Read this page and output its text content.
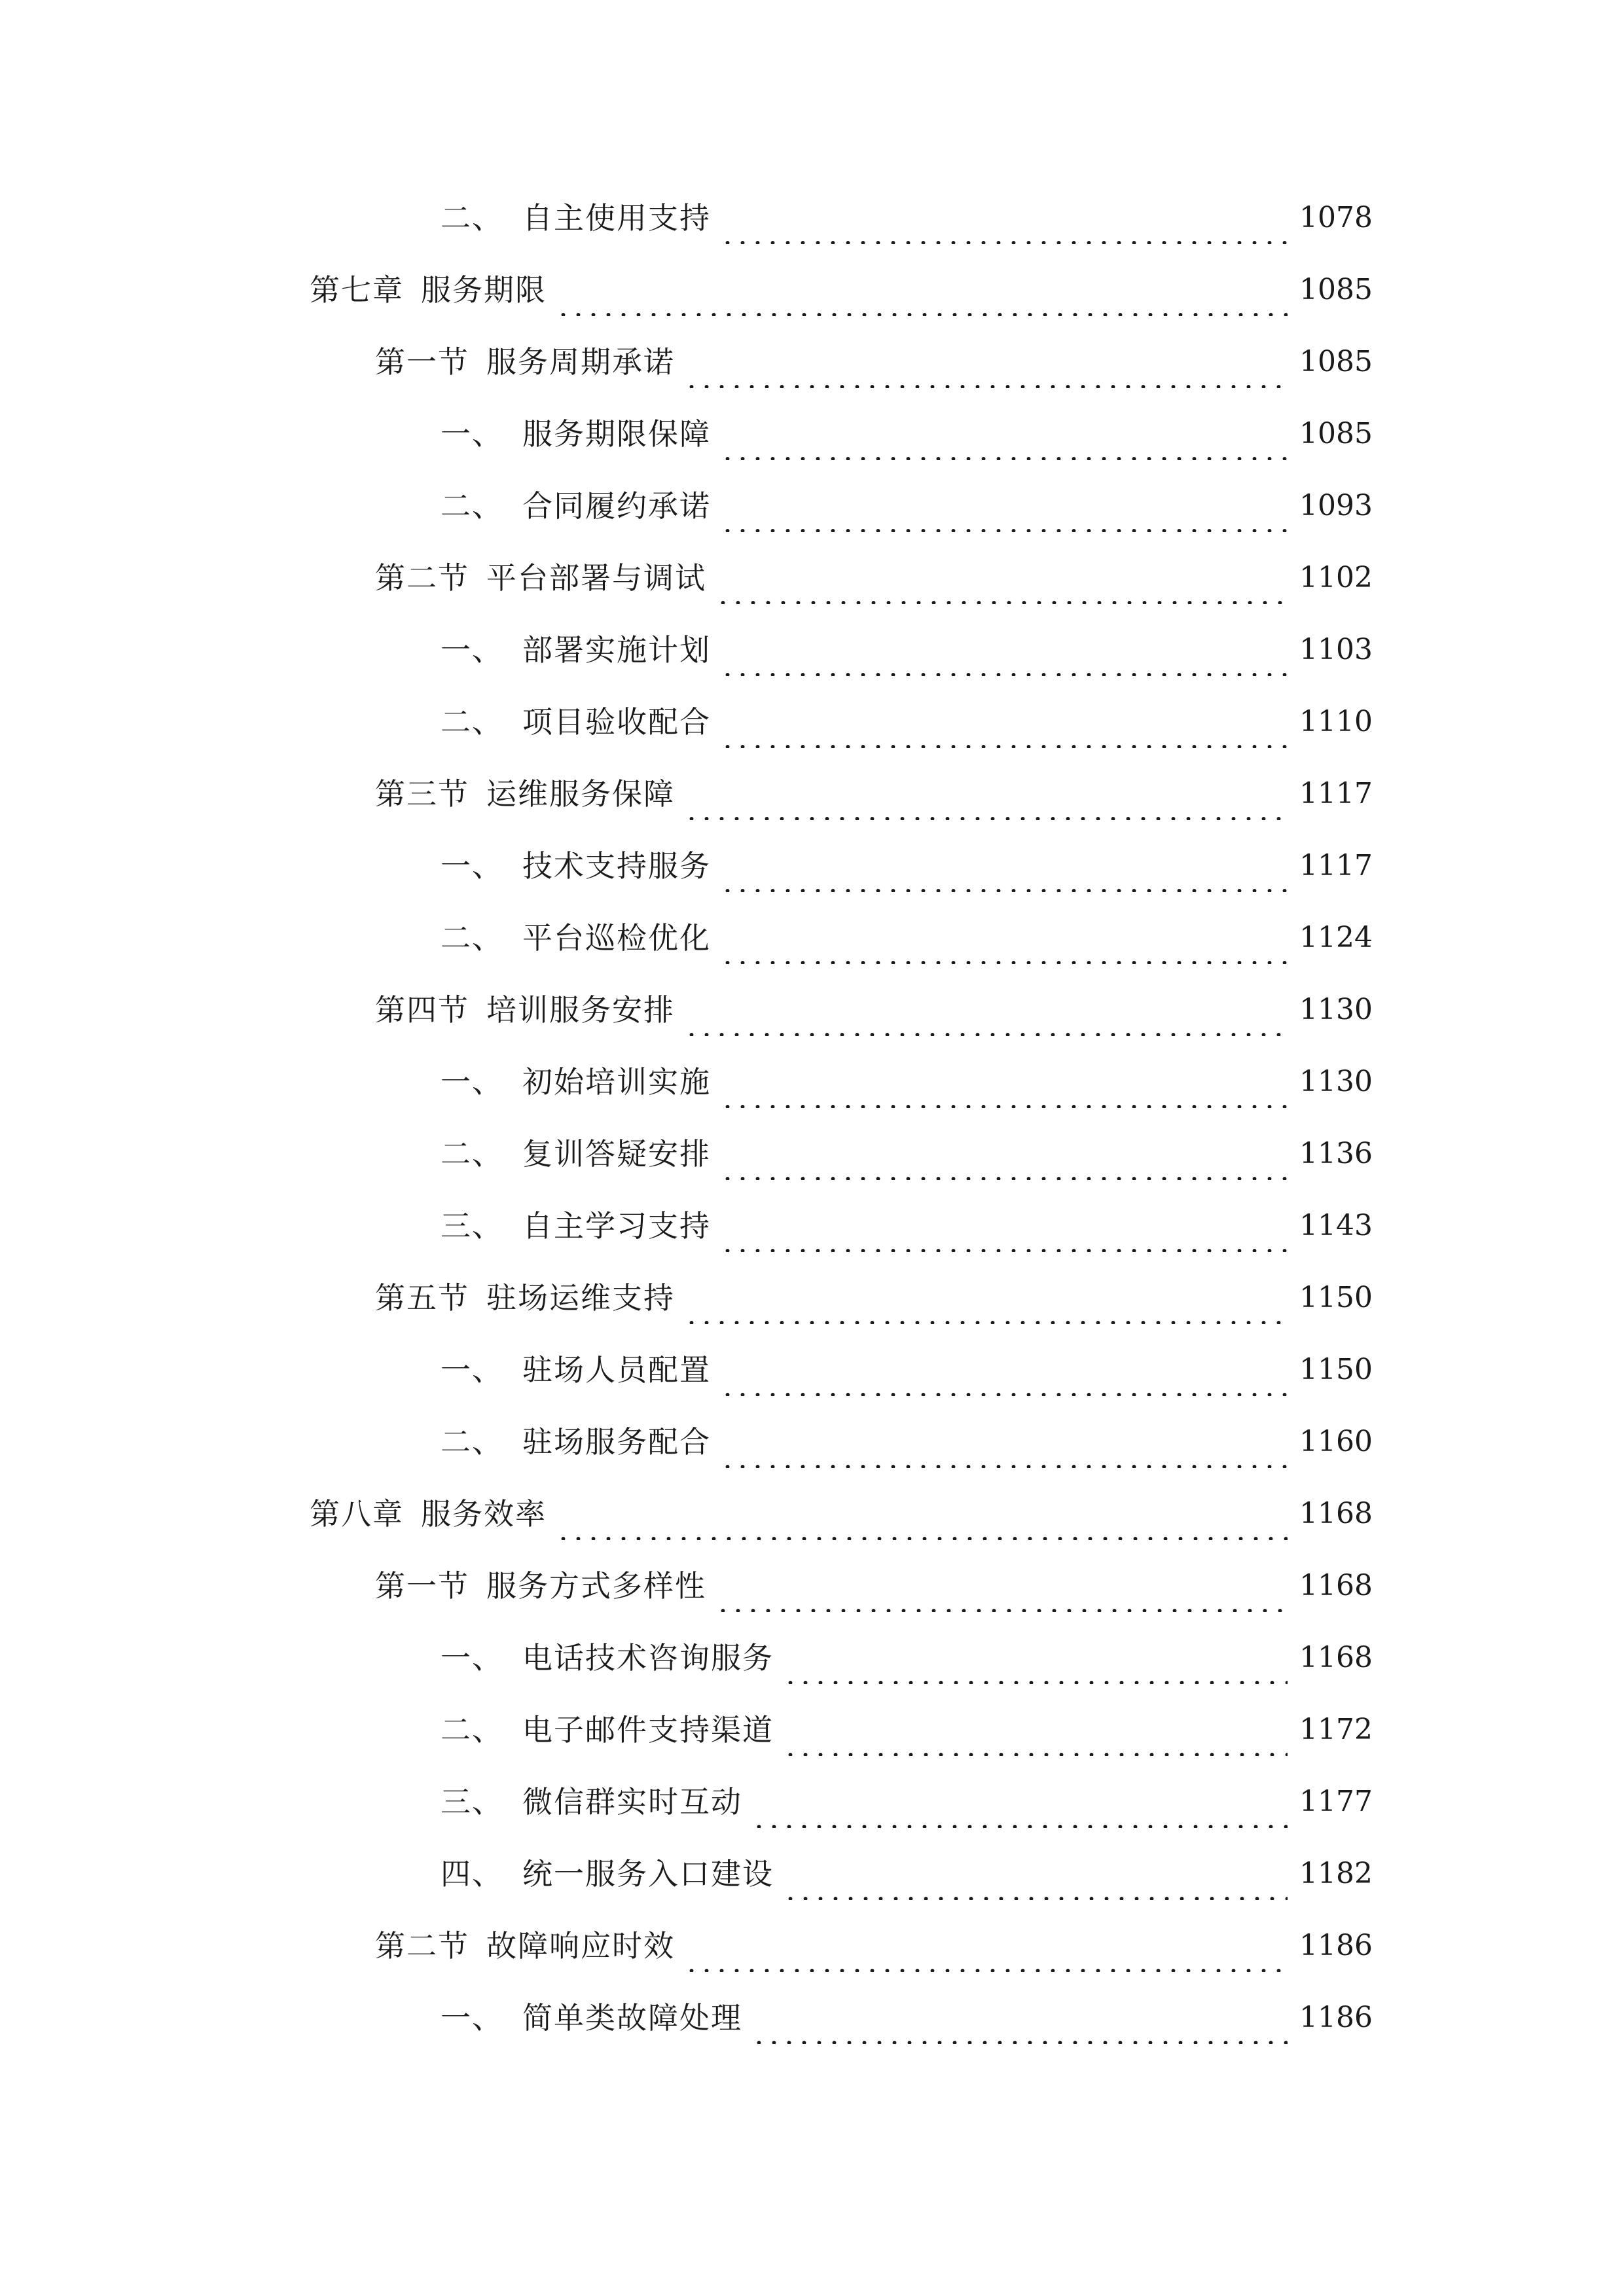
二、 自主使用支持	1078
第七章 服务期限	1085
第一节 服务周期承诺	1085
一、 服务期限保障	1085
二、 合同履约承诺	1093
第二节 平台部署与调试	1102
一、 部署实施计划	1103
二、 项目验收配合	1110
第三节 运维服务保障	1117
一、 技术支持服务	1117
二、 平台巡检优化	1124
第四节 培训服务安排	1130
一、 初始培训实施	1130
二、 复训答疑安排	1136
三、 自主学习支持	1143
第五节 驻场运维支持	1150
一、 驻场人员配置	1150
二、 驻场服务配合	1160
第八章 服务效率	1168
第一节 服务方式多样性	1168
一、 电话技术咨询服务	1168
二、 电子邮件支持渠道	1172
三、 微信群实时互动	1177
四、 统一服务入口建设	1182
第二节 故障响应时效	1186
一、 简单类故障处理	1186
